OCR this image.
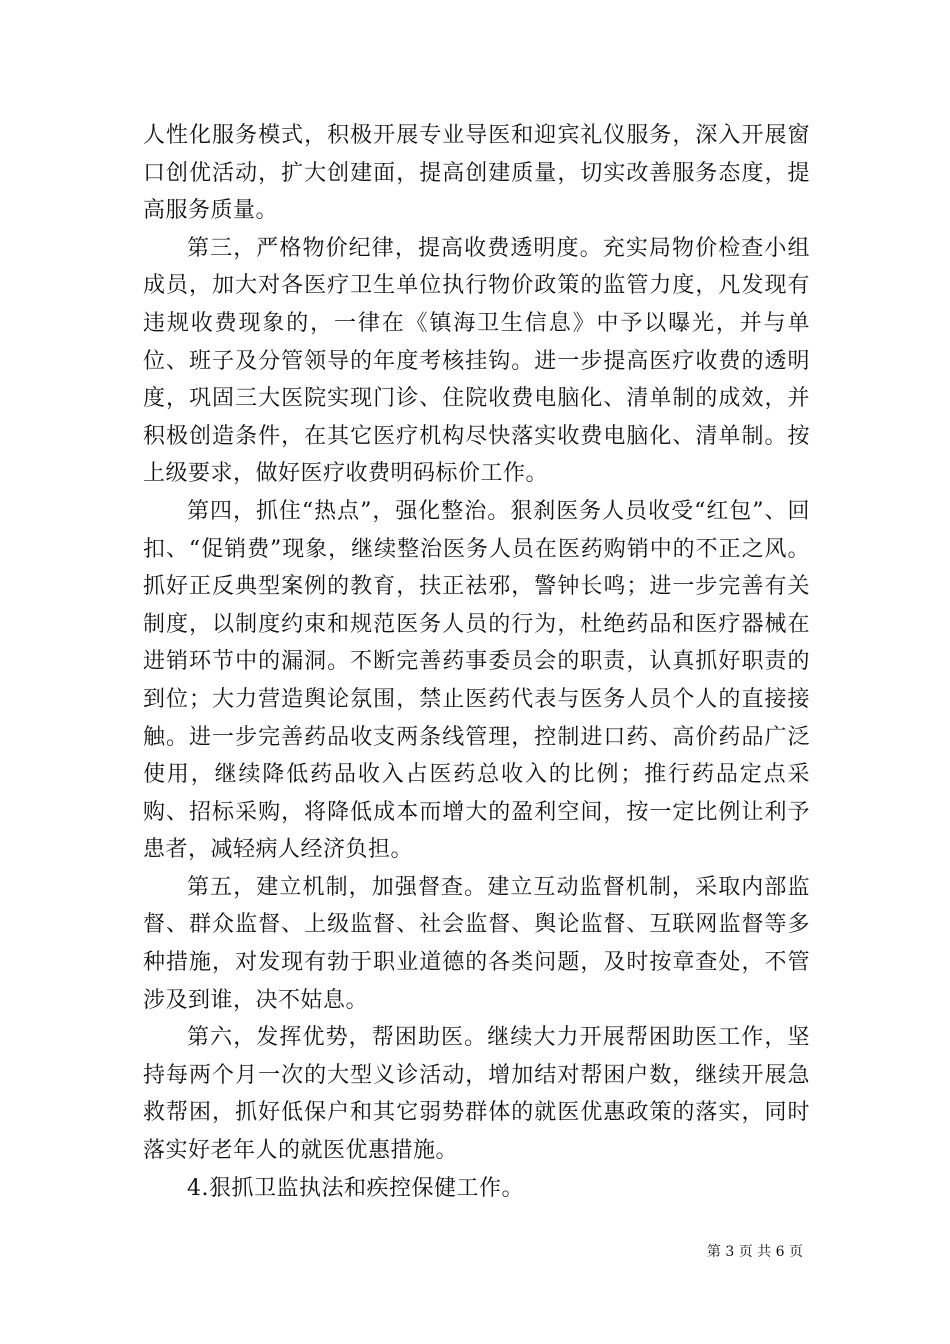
人性化服务模式，积极开展专业导医和迎宾礼仪服务，深入开展窗口创优活动，扩大创建面，提高创建质量，切实改善服务态度，提高服务质量。

第三，严格物价纪律，提高收费透明度。充实局物价检查小组成员，加大对各医疗卫生单位执行物价政策的监管力度，凡发现有违规收费现象的，一律在《镇海卫生信息》中予以曝光，并与单位、班子及分管领导的年度考核挂钩。进一步提高医疗收费的透明度，巩固三大医院实现门诊、住院收费电脑化、清单制的成效，并积极创造条件，在其它医疗机构尽快落实收费电脑化、清单制。按上级要求，做好医疗收费明码标价工作。

第四，抓住“热点”，强化整治。狠刹医务人员收受“红包”、回扣、“促销费”现象，继续整治医务人员在医药购销中的不正之风。抓好正反典型案例的教育，扶正祛邪，警钟长鸣；进一步完善有关制度，以制度约束和规范医务人员的行为，杜绝药品和医疗器械在进销环节中的漏洞。不断完善药事委员会的职责，认真抓好职责的到位；大力营造舆论氛围，禁止医药代表与医务人员个人的直接接触。进一步完善药品收支两条线管理，控制进口药、高价药品广泛使用，继续降低药品收入占医药总收入的比例；推行药品定点采购、招标采购，将降低成本而增大的盈利空间，按一定比例让利予患者，减轻病人经济负担。

第五，建立机制，加强督查。建立互动监督机制，采取内部监督、群众监督、上级监督、社会监督、舆论监督、互联网监督等多种措施，对发现有勃于职业道德的各类问题，及时按章查处，不管涉及到谁，决不姑息。

第六，发挥优势，帮困助医。继续大力开展帮困助医工作，坚持每两个月一次的大型义诊活动，增加结对帮困户数，继续开展急救帮困，抓好低保户和其它弱势群体的就医优惠政策的落实，同时落实好老年人的就医优惠措施。

4.狠抓卫监执法和疾控保健工作。

第 3 页 共 6 页
